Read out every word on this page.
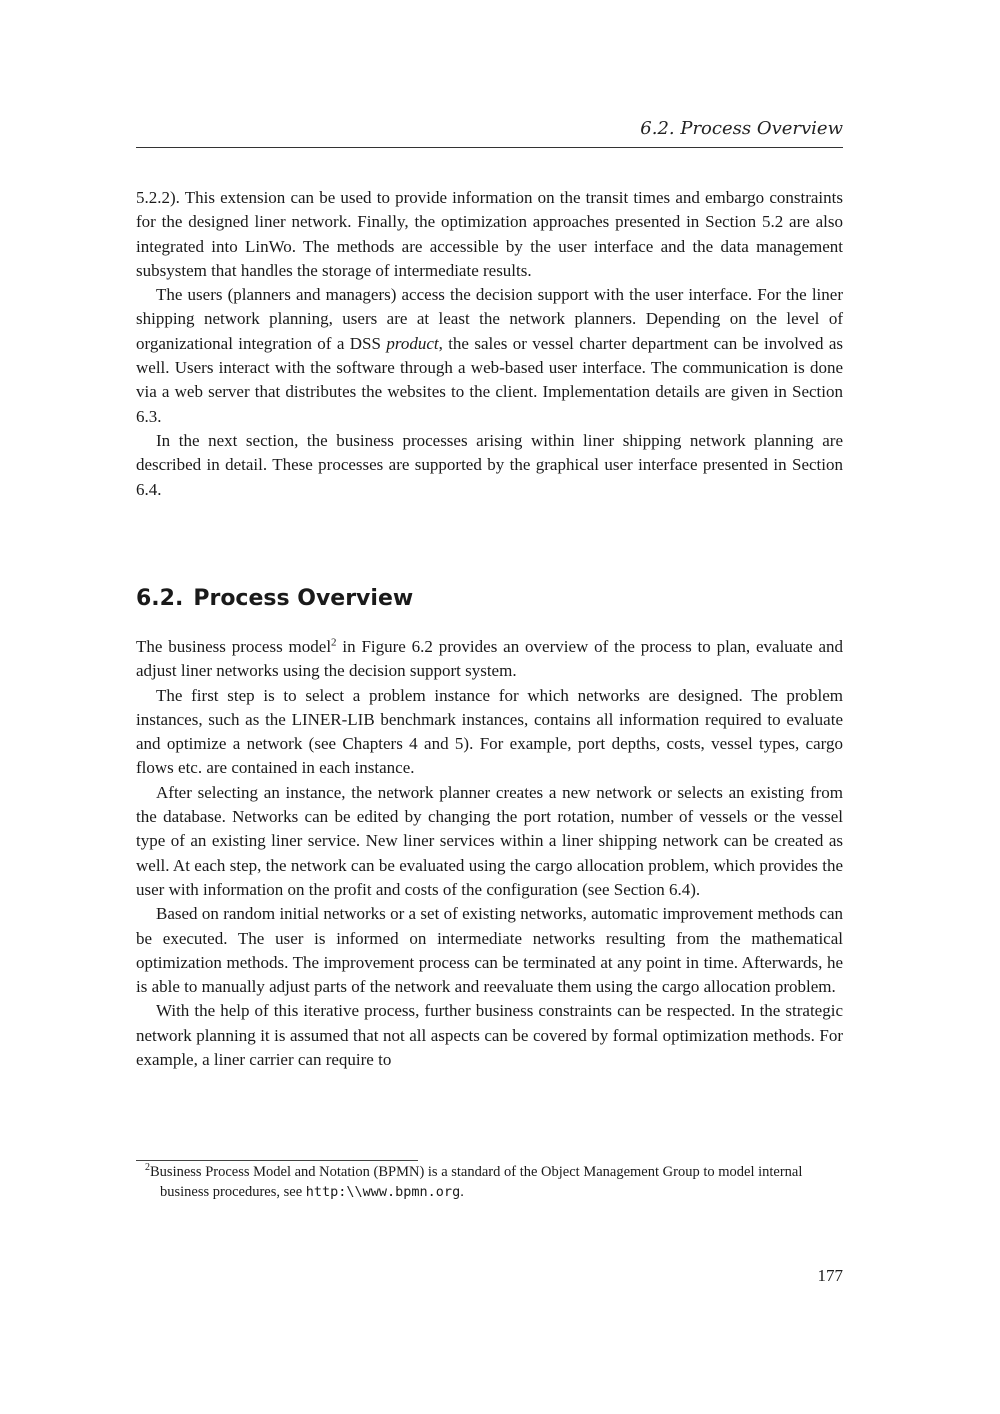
6.2. Process Overview

5.2.2). This extension can be used to provide information on the transit times and embargo constraints for the designed liner network. Finally, the optimization approaches presented in Section 5.2 are also integrated into LinWo. The methods are accessible by the user interface and the data management subsystem that handles the storage of intermediate results.

The users (planners and managers) access the decision support with the user interface. For the liner shipping network planning, users are at least the network planners. Depending on the level of organizational integration of a DSS product, the sales or vessel charter department can be involved as well. Users interact with the software through a web-based user interface. The communication is done via a web server that distributes the websites to the client. Implementation details are given in Section 6.3.

In the next section, the business processes arising within liner shipping network planning are described in detail. These processes are supported by the graphical user interface presented in Section 6.4.

6.2. Process Overview

The business process model$^2$ in Figure 6.2 provides an overview of the process to plan, evaluate and adjust liner networks using the decision support system.

The first step is to select a problem instance for which networks are designed. The problem instances, such as the LINER-LIB benchmark instances, contains all information required to evaluate and optimize a network (see Chapters 4 and 5). For example, port depths, costs, vessel types, cargo flows etc. are contained in each instance.

After selecting an instance, the network planner creates a new network or selects an existing from the database. Networks can be edited by changing the port rotation, number of vessels or the vessel type of an existing liner service. New liner services within a liner shipping network can be created as well. At each step, the network can be evaluated using the cargo allocation problem, which provides the user with information on the profit and costs of the configuration (see Section 6.4).

Based on random initial networks or a set of existing networks, automatic improvement methods can be executed. The user is informed on intermediate networks resulting from the mathematical optimization methods. The improvement process can be terminated at any point in time. Afterwards, he is able to manually adjust parts of the network and reevaluate them using the cargo allocation problem.

With the help of this iterative process, further business constraints can be respected. In the strategic network planning it is assumed that not all aspects can be covered by formal optimization methods. For example, a liner carrier can require to

$^2$Business Process Model and Notation (BPMN) is a standard of the Object Management Group to model internal business procedures, see http:\\www.bpmn.org.
177
